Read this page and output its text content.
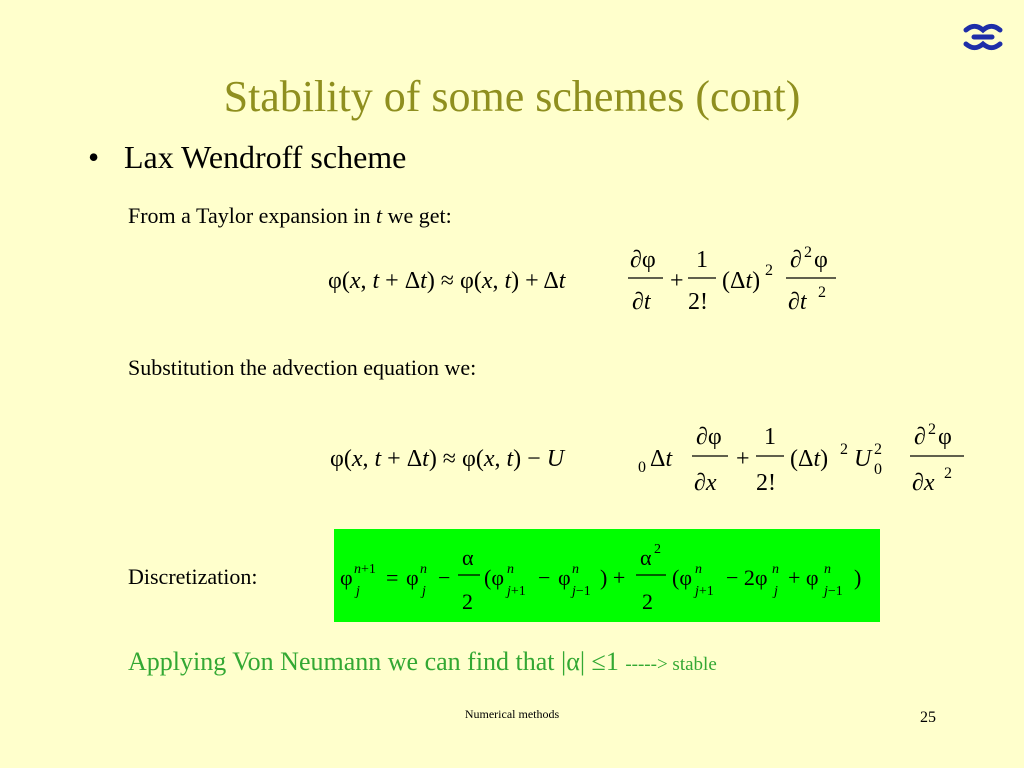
Stability of some schemes (cont)
• Lax Wendroff scheme
From a Taylor expansion in t we get:
φ(x, t + Δt) ≈ φ(x, t) + Δt
∂φ
∂t
+
1
2!
(Δt) 2 ∂ 2 φ
∂t 2
Substitution the advection equation we:
φ(x, t + Δt) ≈ φ(x, t) − U	0 Δt
∂φ
∂x
+
1
2!
(Δt) 2 U 2
0
∂ 2 φ
∂x 2
Discretization:	φ n+1
j
= φ n
j
−
α
2
(φ n
j+1
− φ n
j−1
) +
α 2
2
(φ n
j+1
− 2φ n
j
+ φ n
j−1
)
Applying Von Neumann we can find that |α| ≤1 -----> stable
Numerical methods	25
